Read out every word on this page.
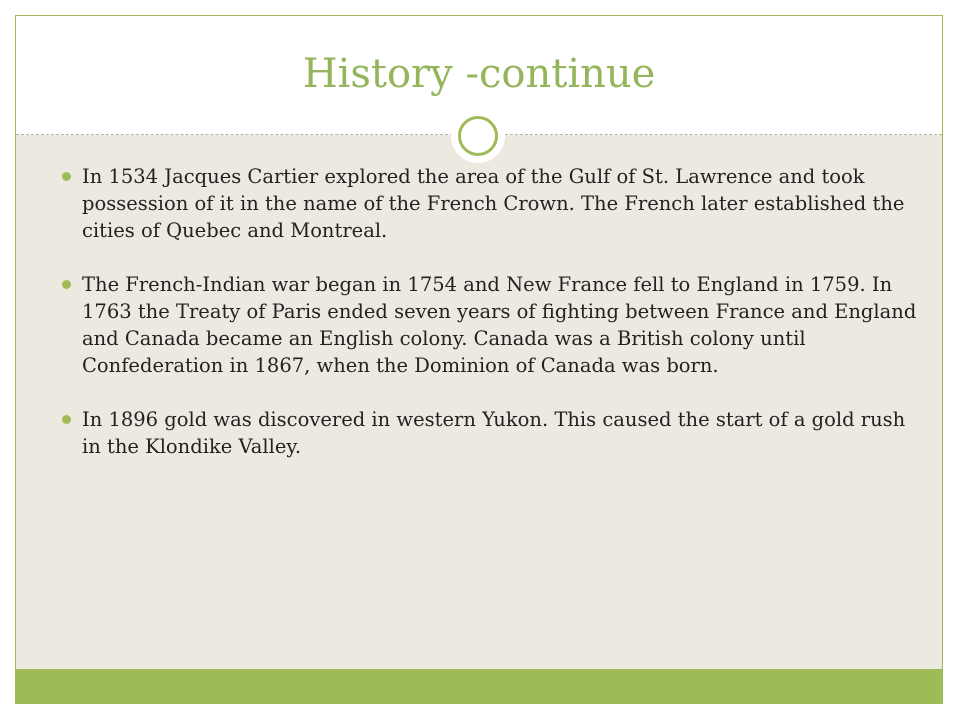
History -continue
In 1534 Jacques Cartier explored the area of the Gulf of St. Lawrence and took possession of it in the name of the French Crown. The French later established the cities of Quebec and Montreal.
The French-Indian war began in 1754 and New France fell to England in 1759. In 1763 the Treaty of Paris ended seven years of fighting between France and England and Canada became an English colony. Canada was a British colony until Confederation in 1867, when the Dominion of Canada was born.
In 1896 gold was discovered in western Yukon. This caused the start of a gold rush in the Klondike Valley.
